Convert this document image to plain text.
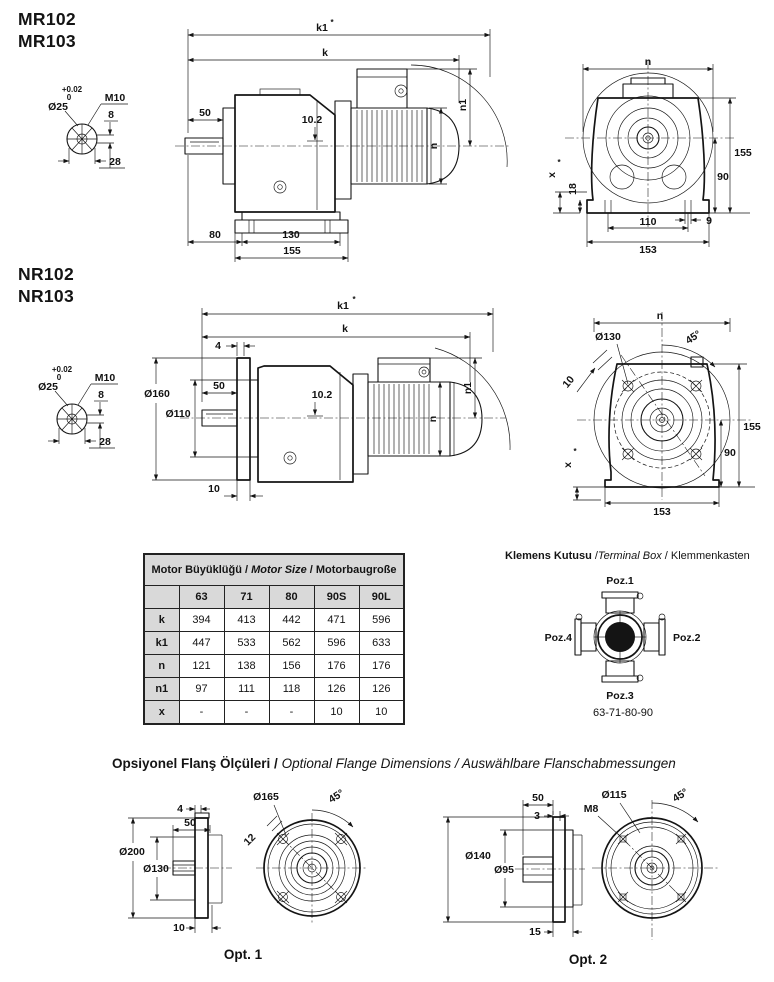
MR102
MR103
+0.02
0
Ø25
M10
8
28
k1 *
k
50
10.2
n
n1
80	130
155
n
x
*
18
155
90
9
110
153
NR102
NR103
+0.02
0
Ø25
M10
8
28
k1
*
k
4
Ø160
Ø110
50
10.2
n
n1
10
n
Ø130	45°
10
x
*
155
90
153
Motor Büyüklüğü / Motor Size / Motorbaugroße					
	63	71	80	90S	90L
k	394	413	442	471	596
k1	447	533	562	596	633
n	121	138	156	176	176
n1	97	111	118	126	126
x	-	-	-	10	10
Klemens Kutusu /Terminal Box / Klemmenkasten
Poz.1
Poz.2
Poz.3
Poz.4
63-71-80-90
Opsiyonel Flanş Ölçüleri / Optional Flange Dimensions / Auswählbare Flanschabmessungen
Ø200
Ø130
4
50
10
Ø165	45°
12
Opt. 1
50
3
Ø140
Ø95
15
Ø115
M8
45°
Opt. 2
